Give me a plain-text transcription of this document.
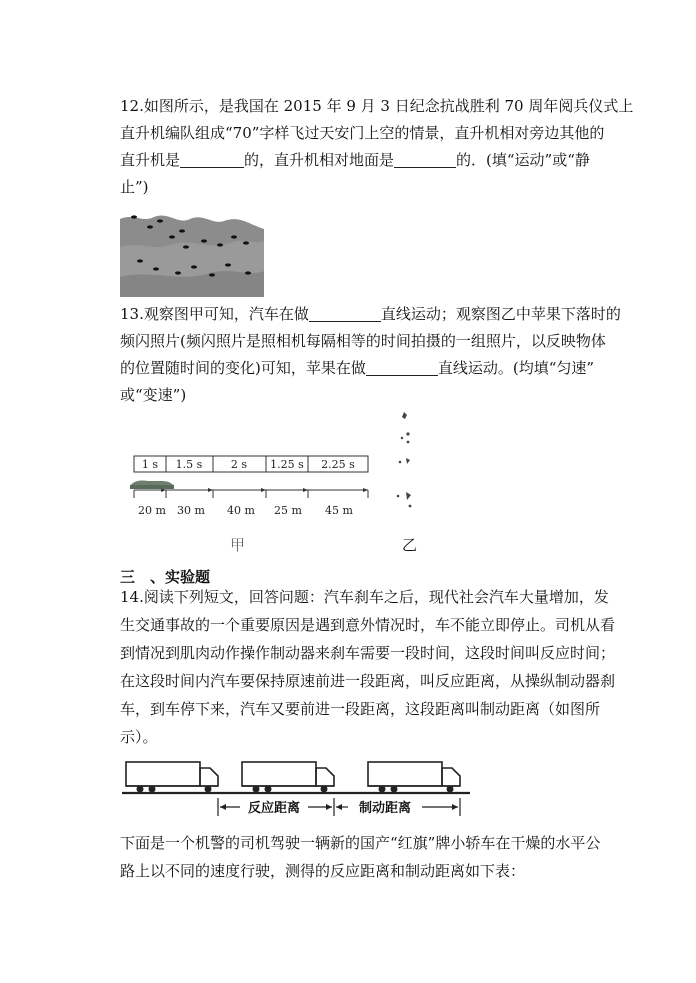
12.如图所示，是我国在 2015 年 9 月 3 日纪念抗战胜利 70 周年阅兵仪式上
直升机编队组成“70”字样飞过天安门上空的情景，直升机相对旁边其他的
直升机是	的，直升机相对地面是	的．(填“运动”或“静
止”)
13.观察图甲可知，汽车在做	直线运动；观察图乙中苹果下落时的
频闪照片(频闪照片是照相机每隔相等的时间拍摄的一组照片，以反映物体
的位置随时间的变化)可知，苹果在做	直线运动。(均填“匀速”
或“变速”)
1 s 1.5 s	2 s 1.25 s 2.25 s
20 m 30 m 40 m 25 m 45 m
甲	乙
三　、实验题
14.阅读下列短文，回答问题：汽车刹车之后，现代社会汽车大量增加，发
生交通事故的一个重要原因是遇到意外情况时，车不能立即停止。司机从看
到情况到肌肉动作操作制动器来刹车需要一段时间，这段时间叫反应时间；
在这段时间内汽车要保持原速前进一段距离，叫反应距离，从操纵制动器刹
车，到车停下来，汽车又要前进一段距离，这段距离叫制动距离（如图所
示）。
反应距离	制动距离
下面是一个机警的司机驾驶一辆新的国产“红旗”牌小轿车在干燥的水平公
路上以不同的速度行驶，测得的反应距离和制动距离如下表：
